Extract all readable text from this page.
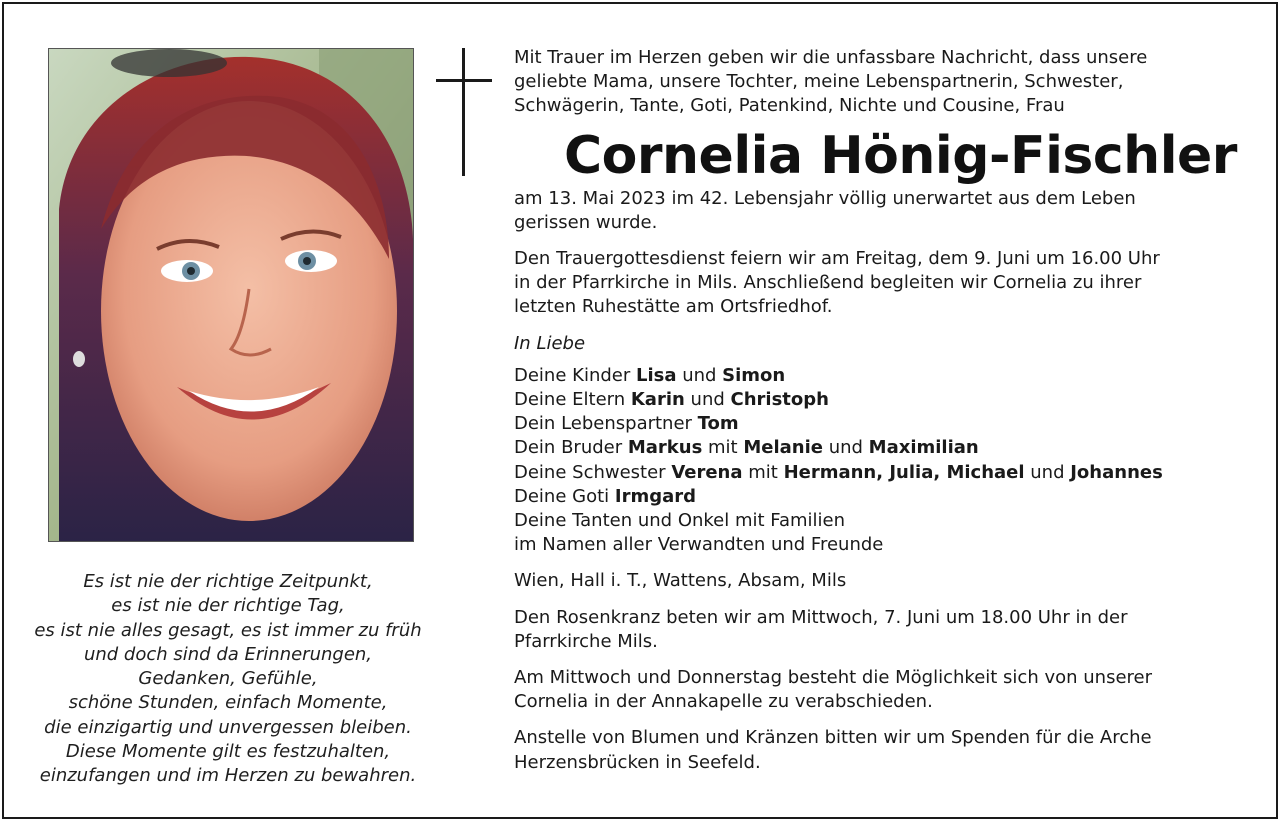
Es ist nie der richtige Zeitpunkt,
es ist nie der richtige Tag,
es ist nie alles gesagt, es ist immer zu früh
und doch sind da Erinnerungen,
Gedanken, Gefühle,
schöne Stunden, einfach Momente,
die einzigartig und unvergessen bleiben.
Diese Momente gilt es festzuhalten,
einzufangen und im Herzen zu bewahren.

Mit Trauer im Herzen geben wir die unfassbare Nachricht, dass unsere

geliebte Mama, unsere Tochter, meine Lebenspartnerin, Schwester,

Schwägerin, Tante, Goti, Patenkind, Nichte und Cousine, Frau

Cornelia Hönig-Fischler

am 13. Mai 2023 im 42. Lebensjahr völlig unerwartet aus dem Leben

gerissen wurde.

Den Trauergottesdienst feiern wir am Freitag, dem 9. Juni um 16.00 Uhr

in der Pfarrkirche in Mils. Anschließend begleiten wir Cornelia zu ihrer

letzten Ruhestätte am Ortsfriedhof.

In Liebe

Deine Kinder Lisa und Simon

Deine Eltern Karin und Christoph

Dein Lebenspartner Tom

Dein Bruder Markus mit Melanie und Maximilian

Deine Schwester Verena mit Hermann, Julia, Michael und Johannes

Deine Goti Irmgard

Deine Tanten und Onkel mit Familien

im Namen aller Verwandten und Freunde

Wien, Hall i. T., Wattens, Absam, Mils

Den Rosenkranz beten wir am Mittwoch, 7. Juni um 18.00 Uhr in der

Pfarrkirche Mils.

Am Mittwoch und Donnerstag besteht die Möglichkeit sich von unserer

Cornelia in der Annakapelle zu verabschieden.

Anstelle von Blumen und Kränzen bitten wir um Spenden für die Arche

Herzensbrücken in Seefeld.
